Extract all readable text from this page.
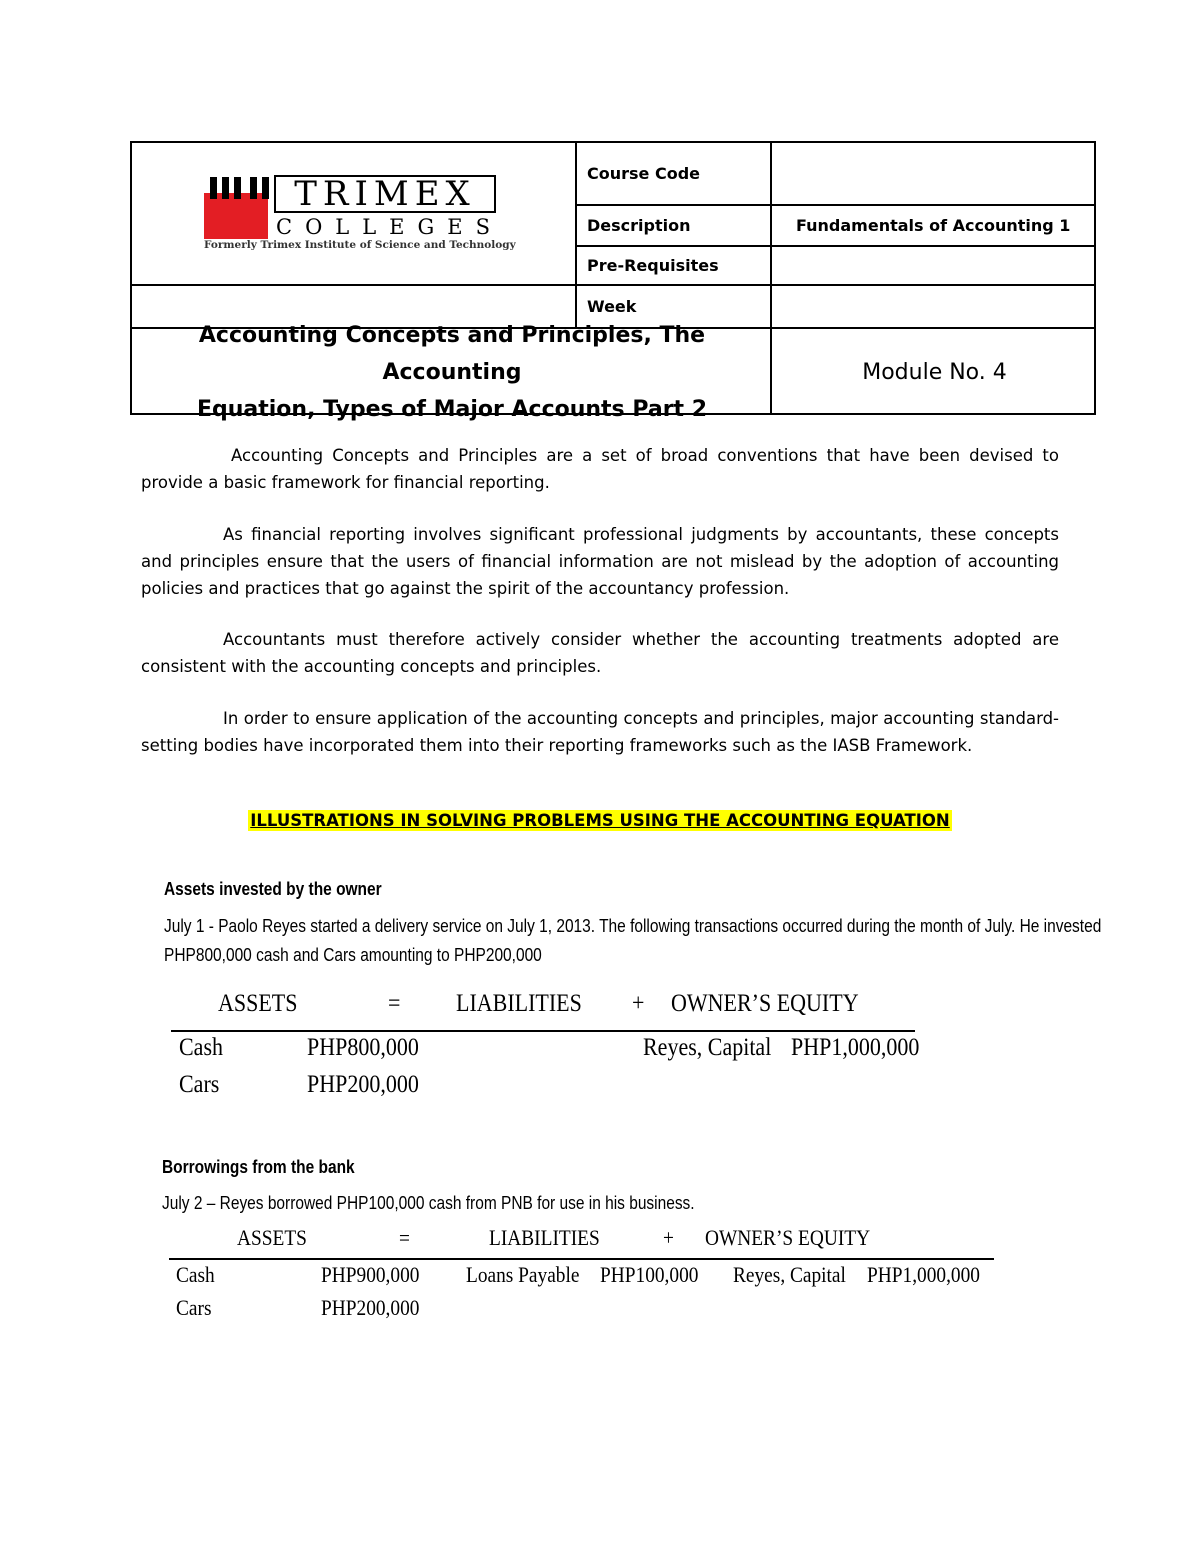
TRIMEX
COLLEGES
Formerly Trimex Institute of Science and Technology
Course Code
Description	Fundamentals of Accounting 1
Pre-Requisites
Week
Accounting Concepts and Principles, The Accounting
Equation, Types of Major Accounts Part 2
Module No. 4
Accounting Concepts and Principles are a set of broad conventions that have been devised to provide a basic framework for financial reporting.
As financial reporting involves significant professional judgments by accountants, these concepts and principles ensure that the users of financial information are not mislead by the adoption of accounting policies and practices that go against the spirit of the accountancy profession.
Accountants must therefore actively consider whether the accounting treatments adopted are consistent with the accounting concepts and principles.
In order to ensure application of the accounting concepts and principles, major accounting standard-setting bodies have incorporated them into their reporting frameworks such as the IASB Framework.
ILLUSTRATIONS IN SOLVING PROBLEMS USING THE ACCOUNTING EQUATION
Assets invested by the owner
July 1 - Paolo Reyes started a delivery service on July 1, 2013. The following transactions occurred during the month of July. He invested
PHP800,000 cash and Cars amounting to PHP200,000
ASSETS	= LIABILITIES + OWNER’S EQUITY
Cash	PHP800,000	Reyes, Capital PHP1,000,000
Cars	PHP200,000
Borrowings from the bank
July 2 – Reyes borrowed PHP100,000 cash from PNB for use in his business.
ASSETS	=	LIABILITIES	+ OWNER’S EQUITY
Cash	PHP900,000 Loans Payable PHP100,000 Reyes, Capital PHP1,000,000
Cars	PHP200,000
